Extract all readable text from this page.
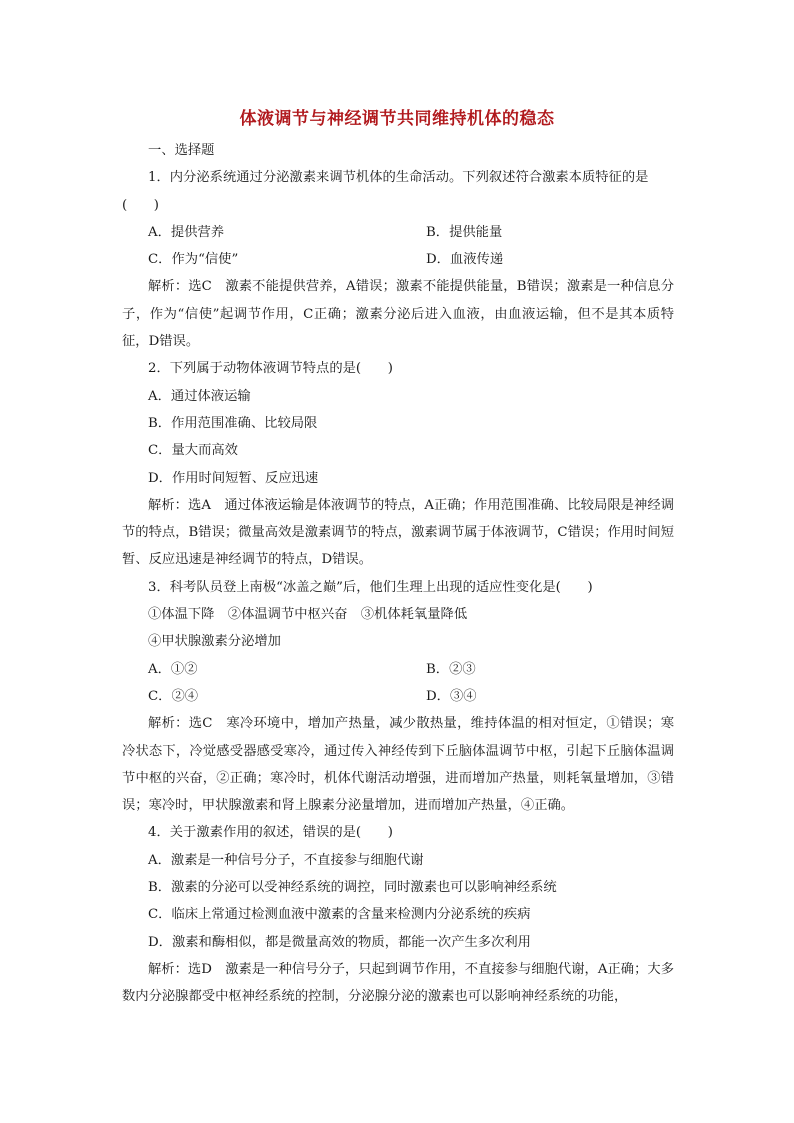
体液调节与神经调节共同维持机体的稳态
一、选择题
1．内分泌系统通过分泌激素来调节机体的生命活动。下列叙述符合激素本质特征的是
(　　)
A．提供营养	B．提供能量
C．作为“信使”	D．血液传递
解析：选C　激素不能提供营养，A错误；激素不能提供能量，B错误；激素是一种信息分子，作为“信使”起调节作用，C正确；激素分泌后进入血液，由血液运输，但不是其本质特征，D错误。
2．下列属于动物体液调节特点的是(　　)
A．通过体液运输
B．作用范围准确、比较局限
C．量大而高效
D．作用时间短暂、反应迅速
解析：选A　通过体液运输是体液调节的特点，A正确；作用范围准确、比较局限是神经调节的特点，B错误；微量高效是激素调节的特点，激素调节属于体液调节，C错误；作用时间短暂、反应迅速是神经调节的特点，D错误。
3．科考队员登上南极“冰盖之巅”后，他们生理上出现的适应性变化是(　　)
①体温下降　②体温调节中枢兴奋　③机体耗氧量降低
④甲状腺激素分泌增加
A．①②	B．②③
C．②④	D．③④
解析：选C　寒冷环境中，增加产热量，减少散热量，维持体温的相对恒定，①错误；寒冷状态下，冷觉感受器感受寒冷，通过传入神经传到下丘脑体温调节中枢，引起下丘脑体温调节中枢的兴奋，②正确；寒冷时，机体代谢活动增强，进而增加产热量，则耗氧量增加，③错误；寒冷时，甲状腺激素和肾上腺素分泌量增加，进而增加产热量，④正确。
4．关于激素作用的叙述，错误的是(　　)
A．激素是一种信号分子，不直接参与细胞代谢
B．激素的分泌可以受神经系统的调控，同时激素也可以影响神经系统
C．临床上常通过检测血液中激素的含量来检测内分泌系统的疾病
D．激素和酶相似，都是微量高效的物质，都能一次产生多次利用
解析：选D　激素是一种信号分子，只起到调节作用，不直接参与细胞代谢，A正确；大多数内分泌腺都受中枢神经系统的控制，分泌腺分泌的激素也可以影响神经系统的功能，
